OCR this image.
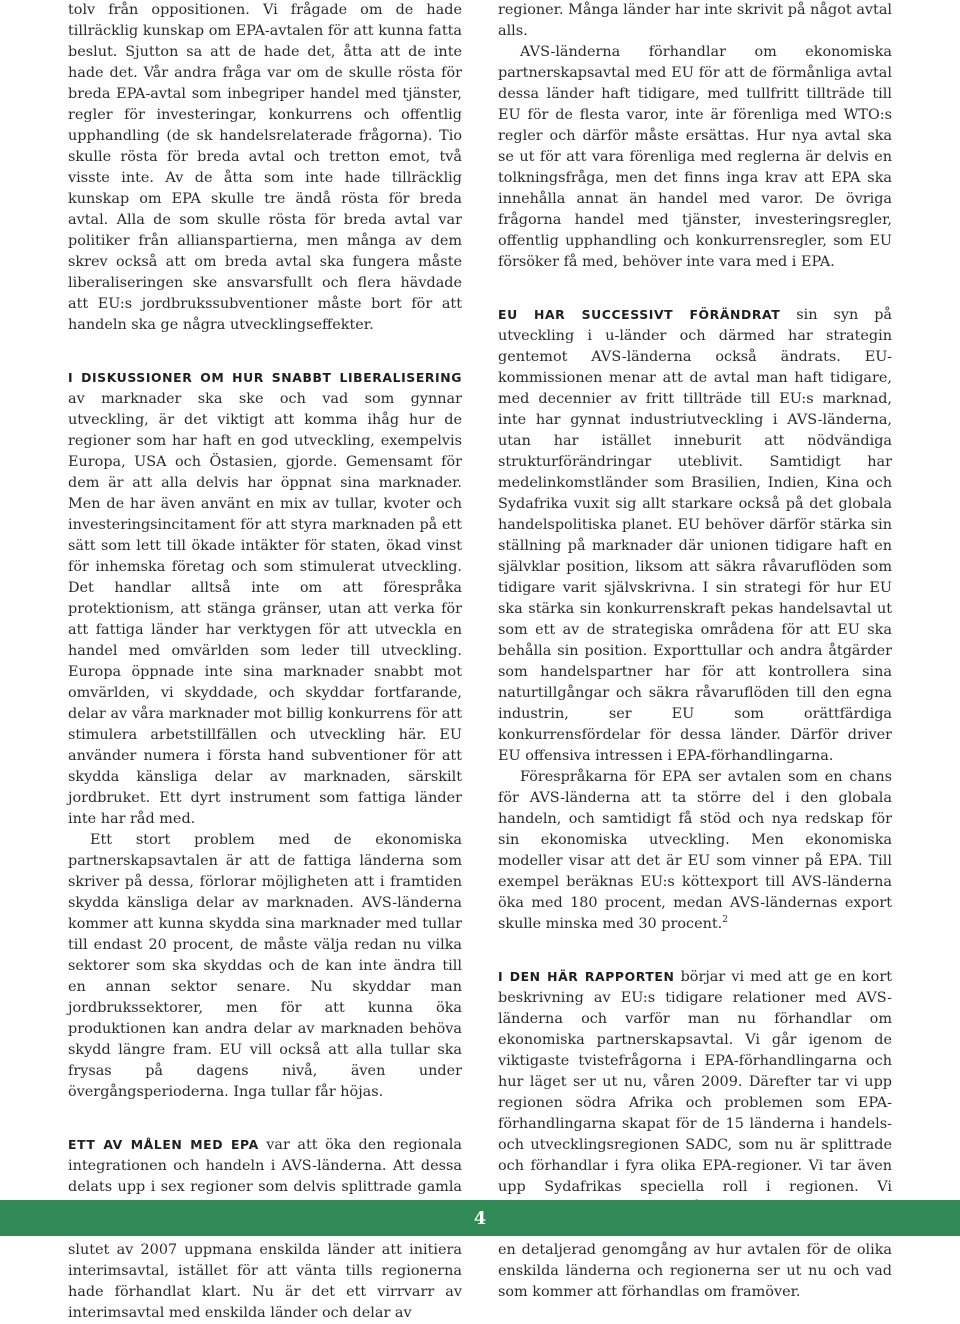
tolv från oppositionen. Vi frågade om de hade tillräcklig kunskap om EPA-avtalen för att kunna fatta beslut. Sjutton sa att de hade det, åtta att de inte hade det. Vår andra fråga var om de skulle rösta för breda EPA-avtal som inbegriper handel med tjänster, regler för investeringar, konkurrens och offentlig upphandling (de sk handelsrelaterade frågorna). Tio skulle rösta för breda avtal och tretton emot, två visste inte. Av de åtta som inte hade tillräcklig kunskap om EPA skulle tre ändå rösta för breda avtal. Alla de som skulle rösta för breda avtal var politiker från allianspartierna, men många av dem skrev också att om breda avtal ska fungera måste liberaliseringen ske ansvarsfullt och flera hävdade att EU:s jordbrukssubventioner måste bort för att handeln ska ge några utvecklingseffekter.

I DISKUSSIONER OM HUR SNABBT LIBERALISERING av marknader ska ske och vad som gynnar utveckling, är det viktigt att komma ihåg hur de regioner som har haft en god utveckling, exempelvis Europa, USA och Östasien, gjorde. Gemensamt för dem är att alla delvis har öppnat sina marknader. Men de har även använt en mix av tullar, kvoter och investeringsincitament för att styra marknaden på ett sätt som lett till ökade intäkter för staten, ökad vinst för inhemska företag och som stimulerat utveckling. Det handlar alltså inte om att förespråka protektionism, att stänga gränser, utan att verka för att fattiga länder har verktygen för att utveckla en handel med omvärlden som leder till utveckling. Europa öppnade inte sina marknader snabbt mot omvärlden, vi skyddade, och skyddar fortfarande, delar av våra marknader mot billig konkurrens för att stimulera arbetstillfällen och utveckling här. EU använder numera i första hand subventioner för att skydda känsliga delar av marknaden, särskilt jordbruket. Ett dyrt instrument som fattiga länder inte har råd med.

Ett stort problem med de ekonomiska partnerskapsavtalen är att de fattiga länderna som skriver på dessa, förlorar möjligheten att i framtiden skydda känsliga delar av marknaden. AVS-länderna kommer att kunna skydda sina marknader med tullar till endast 20 procent, de måste välja redan nu vilka sektorer som ska skyddas och de kan inte ändra till en annan sektor senare. Nu skyddar man jordbrukssektorer, men för att kunna öka produktionen kan andra delar av marknaden behöva skydd längre fram. EU vill också att alla tullar ska frysas på dagens nivå, även under övergångsperioderna. Inga tullar får höjas.

ETT AV MÅLEN MED EPA var att öka den regionala integrationen och handeln i AVS-länderna. Att dessa delats upp i sex regioner som delvis splittrade gamla slutet av 2007 uppmana enskilda länder att initiera interimsavtal, istället för att vänta tills regionerna hade förhandlat klart. Nu är det ett virrvarr av interimsavtal med enskilda länder och delar av

regioner. Många länder har inte skrivit på något avtal alls.

AVS-länderna förhandlar om ekonomiska partnerskapsavtal med EU för att de förmånliga avtal dessa länder haft tidigare, med tullfritt tillträde till EU för de flesta varor, inte är förenliga med WTO:s regler och därför måste ersättas. Hur nya avtal ska se ut för att vara förenliga med reglerna är delvis en tolkningsfråga, men det finns inga krav att EPA ska innehålla annat än handel med varor. De övriga frågorna handel med tjänster, investeringsregler, offentlig upphandling och konkurrensregler, som EU försöker få med, behöver inte vara med i EPA.

EU HAR SUCCESSIVT FÖRÄNDRAT sin syn på utveckling i u-länder och därmed har strategin gentemot AVS-länderna också ändrats. EU-kommissionen menar att de avtal man haft tidigare, med decennier av fritt tillträde till EU:s marknad, inte har gynnat industriutveckling i AVS-länderna, utan har istället inneburit att nödvändiga strukturförändringar uteblivit. Samtidigt har medelinkomstländer som Brasilien, Indien, Kina och Sydafrika vuxit sig allt starkare också på det globala handelspolitiska planet. EU behöver därför stärka sin ställning på marknader där unionen tidigare haft en självklar position, liksom att säkra råvaruflöden som tidigare varit självskrivna. I sin strategi för hur EU ska stärka sin konkurrenskraft pekas handelsavtal ut som ett av de strategiska områdena för att EU ska behålla sin position. Exporttullar och andra åtgärder som handelspartner har för att kontrollera sina naturtillgångar och säkra råvaruflöden till den egna industrin, ser EU som orättfärdiga konkurrensfördelar för dessa länder. Därför driver EU offensiva intressen i EPA-förhandlingarna.

Förespråkarna för EPA ser avtalen som en chans för AVS-länderna att ta större del i den globala handeln, och samtidigt få stöd och nya redskap för sin ekonomiska utveckling. Men ekonomiska modeller visar att det är EU som vinner på EPA. Till exempel beräknas EU:s köttexport till AVS-länderna öka med 180 procent, medan AVS-ländernas export skulle minska med 30 procent.$^2$

I DEN HÄR RAPPORTEN börjar vi med att ge en kort beskrivning av EU:s tidigare relationer med AVS-länderna och varför man nu förhandlar om ekonomiska partnerskapsavtal. Vi går igenom de viktigaste tvistefrågorna i EPA-förhandlingarna och hur läget ser ut nu, våren 2009. Därefter tar vi upp regionen södra Afrika och problemen som EPA-förhandlingarna skapat för de 15 länderna i handels- och utvecklingsregionen SADC, som nu är splittrade och förhandlar i fyra olika EPA-regioner. Vi tar även upp Sydafrikas speciella roll i regionen. Vi en detaljerad genomgång av hur avtalen för de olika enskilda länderna och regionerna ser ut nu och vad som kommer att förhandlas om framöver.

4
